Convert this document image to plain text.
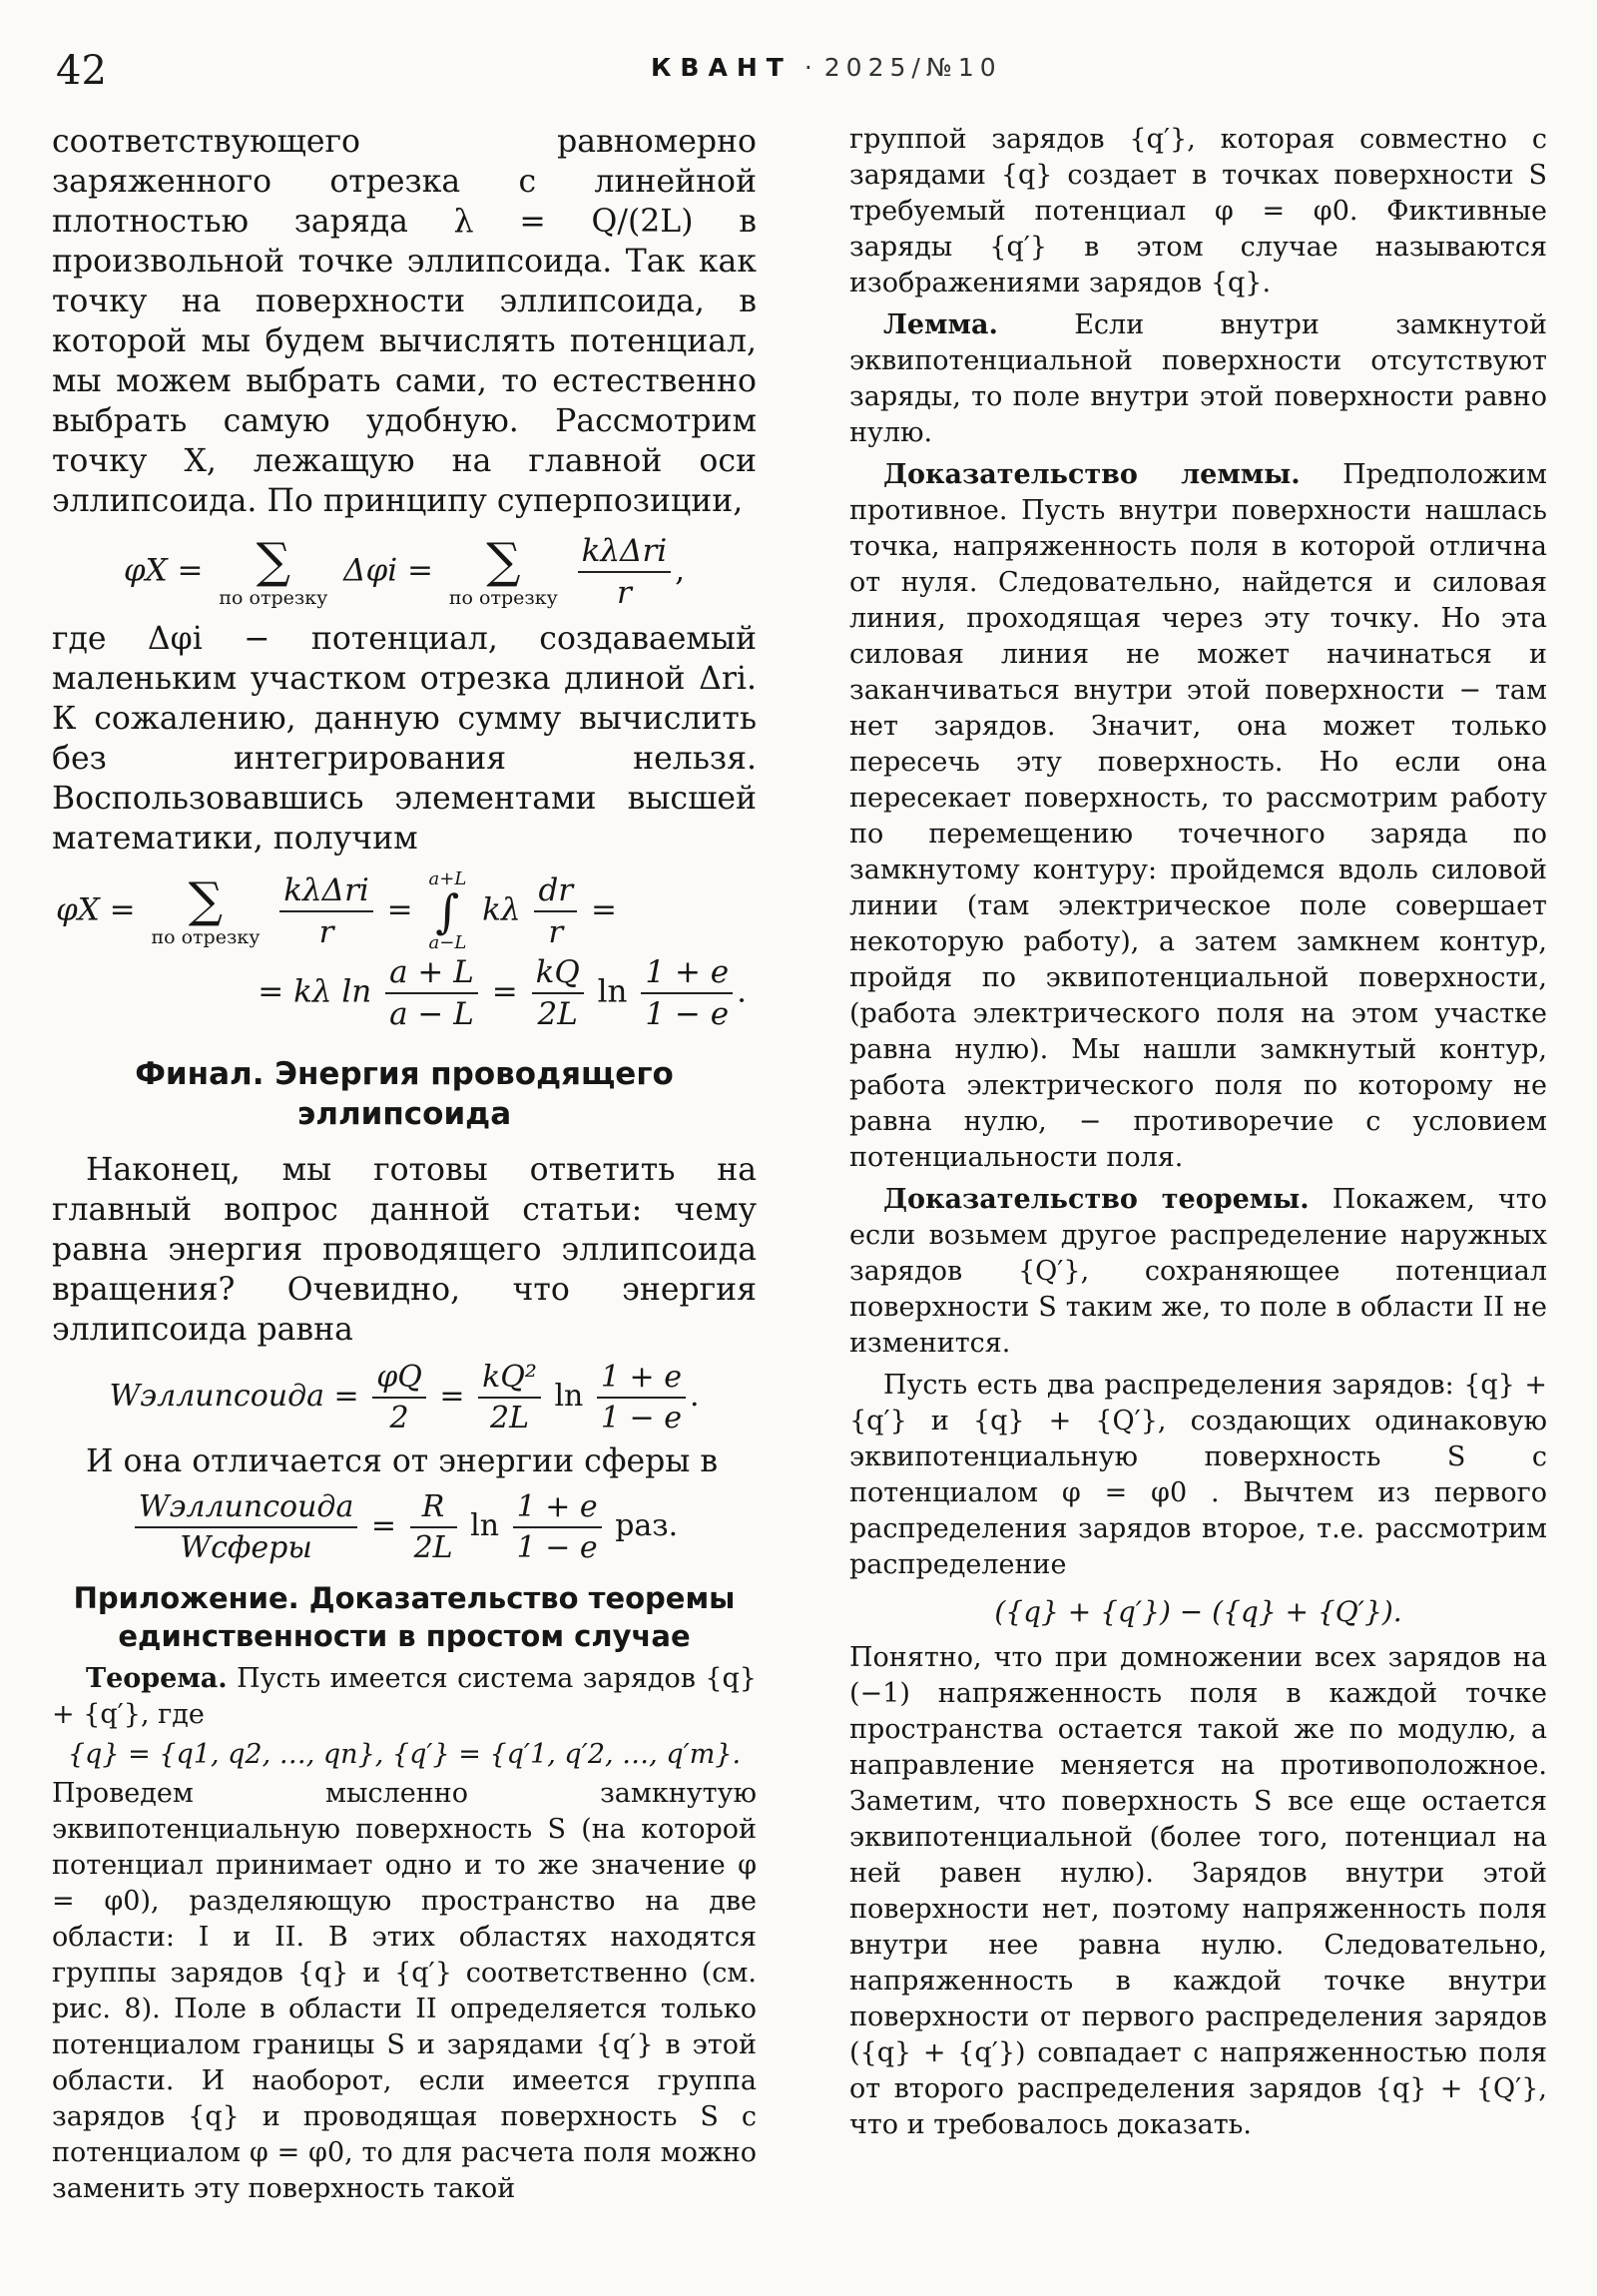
42	КВАНТ · 2025/№10

соответствующего равномерно заряженного отрезка с линейной плотностью заряда λ = Q/(2L) в произвольной точке эллипсоида. Так как точку на поверхности эллипсоида, в которой мы будем вычислять потенциал, мы можем выбрать сами, то естественно выбрать самую удобную. Рассмотрим точку X, лежащую на главной оси эллипсоида. По принципу суперпозиции,

φX =	∑
по отрезку
Δφi =	∑
по отрезку
$\frac{\text{kλΔri}}{r}$ ,

где Δφi − потенциал, создаваемый маленьким участком отрезка длиной Δri. К сожалению, данную сумму вычислить без интегрирования нельзя. Воспользовавшись элементами высшей математики, получим

φX =	∑
по отрезку
$\frac{\text{kλΔri}}{r}$ =
a+L
∫
a−L
kλ $\frac{dr}{r}$ =
= kλ $\ln \frac{a + L}{a - L} = \frac{kQ}{2L}$ $\ln \frac{1 + e}{1 - e}$ .
Финал. Энергия проводящего
эллипсоида

Наконец, мы готовы ответить на главный вопрос данной статьи: чему равна энергия проводящего эллипсоида вращения? Очевидно, что энергия эллипсоида равна

Wэллипсоида = $\frac{\varphi Q}{2} = \frac{\text{kQ²}}{2L}$ $\ln \frac{1 + e}{1 - e}$ .

И она отличается от энергии сферы в

$\frac{\text{Wэллипсоида}}{\text{Wсферы}} = \frac{R}{2L}$ $\ln \frac{1 + e}{1 - e}$ раз.
Приложение. Доказательство теоремы
единственности в простом случае

Теорема. Пусть имеется система зарядов {q} + {q′}, где

{q} = {q1, q2, …, qn}, {q′} = {q′1, q′2, …, q′m}.

Проведем мысленно замкнутую эквипотенциальную поверхность S (на которой потенциал принимает одно и то же значение φ = φ0), разделяющую пространство на две области: I и II. В этих областях находятся группы зарядов {q} и {q′} соответственно (см. рис. 8). Поле в области II определяется только потенциалом границы S и зарядами {q′} в этой области. И наоборот, если имеется группа зарядов {q} и проводящая поверхность S с потенциалом φ = φ0, то для расчета поля можно заменить эту поверхность такой

группой зарядов {q′}, которая совместно с зарядами {q} создает в точках поверхности S требуемый потенциал φ = φ0. Фиктивные заряды {q′} в этом случае называются изображениями зарядов {q}.

Лемма.	Если внутри замкнутой эквипотенциальной поверхности отсутствуют заряды, то поле внутри этой поверхности равно нулю.

Доказательство леммы. Предположим противное. Пусть внутри поверхности нашлась точка, напряженность поля в которой отлична от нуля. Следовательно, найдется и силовая линия, проходящая через эту точку. Но эта силовая линия не может начинаться и заканчиваться внутри этой поверхности − там нет зарядов. Значит, она может только пересечь эту поверхность. Но если она пересекает поверхность, то рассмотрим работу по перемещению точечного заряда по замкнутому контуру: пройдемся вдоль силовой линии (там электрическое поле совершает некоторую работу), а затем замкнем контур, пройдя по эквипотенциальной поверхности, (работа электрического поля на этом участке равна нулю). Мы нашли замкнутый контур, работа электрического поля по которому не равна нулю, − противоречие с условием потенциальности поля.

Доказательство теоремы. Покажем, что если возьмем другое распределение наружных зарядов {Q′}, сохраняющее потенциал поверхности S таким же, то поле в области II не изменится.

Пусть есть два распределения зарядов: {q} + {q′} и {q} + {Q′}, создающих одинаковую эквипотенциальную поверхность S с потенциалом φ = φ0 . Вычтем из первого распределения зарядов второе, т.е. рассмотрим распределение

({q} + {q′}) − ({q} + {Q′}).

Понятно, что при домножении всех зарядов на (−1) напряженность поля в каждой точке пространства остается такой же по модулю, а направление меняется на противоположное. Заметим, что поверхность S все еще остается эквипотенциальной (более того, потенциал на ней равен нулю). Зарядов внутри этой поверхности нет, поэтому напряженность поля внутри нее равна нулю. Следовательно, напряженность в каждой точке внутри поверхности от первого распределения зарядов ({q} + {q′}) совпадает с напряженностью поля от второго распределения зарядов {q} + {Q′}, что и требовалось доказать.
